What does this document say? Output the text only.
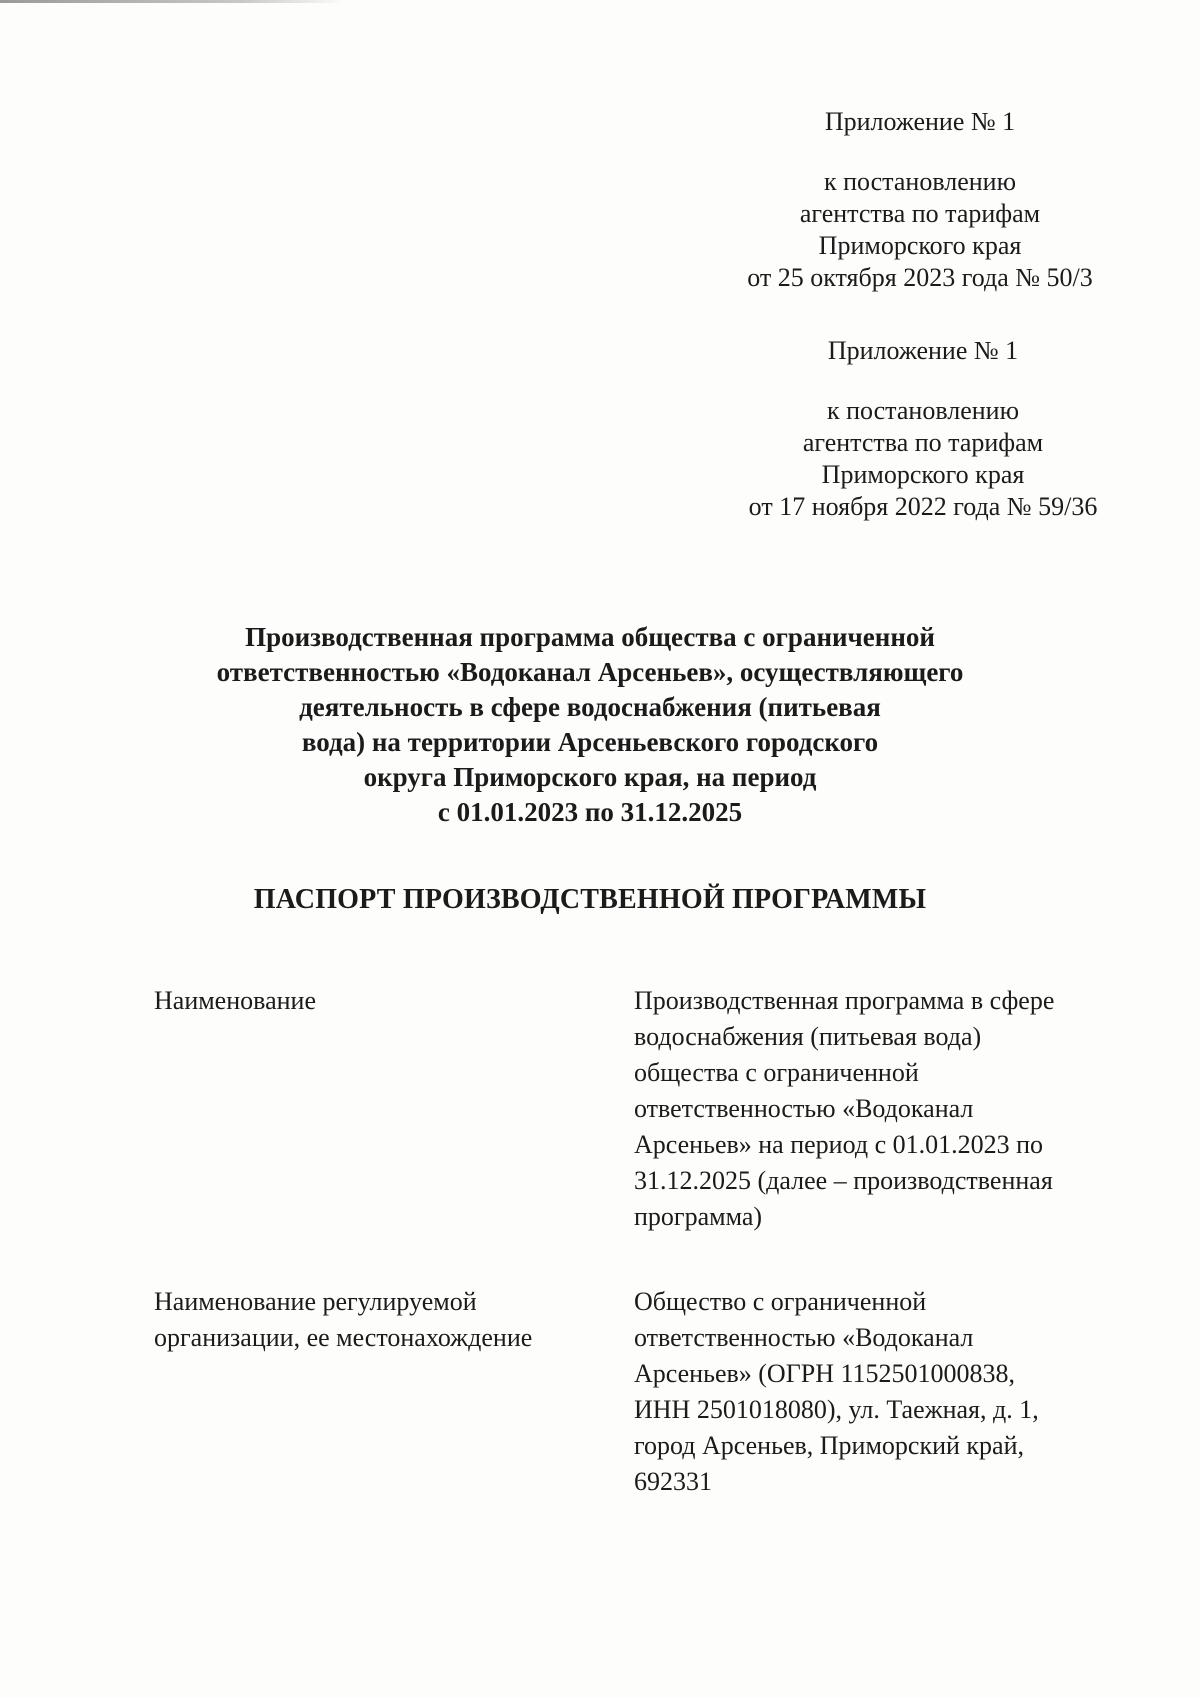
Приложение № 1
к постановлению
агентства по тарифам
Приморского края
от 25 октября 2023 года № 50/3
Приложение № 1
к постановлению
агентства по тарифам
Приморского края
от 17 ноября 2022 года № 59/36
Производственная программа общества с ограниченной
ответственностью «Водоканал Арсеньев», осуществляющего
деятельность в сфере водоснабжения (питьевая
вода) на территории Арсеньевского городского
округа Приморского края, на период
с 01.01.2023 по 31.12.2025
ПАСПОРТ ПРОИЗВОДСТВЕННОЙ ПРОГРАММЫ
Наименование	Производственная программа в сфере
водоснабжения (питьевая вода)
общества с ограниченной
ответственностью «Водоканал
Арсеньев» на период с 01.01.2023 по
31.12.2025 (далее – производственная
программа)
Наименование регулируемой
организации, ее местонахождение
Общество с ограниченной
ответственностью «Водоканал
Арсеньев» (ОГРН 1152501000838,
ИНН 2501018080), ул. Таежная, д. 1,
город Арсеньев, Приморский край,
692331
